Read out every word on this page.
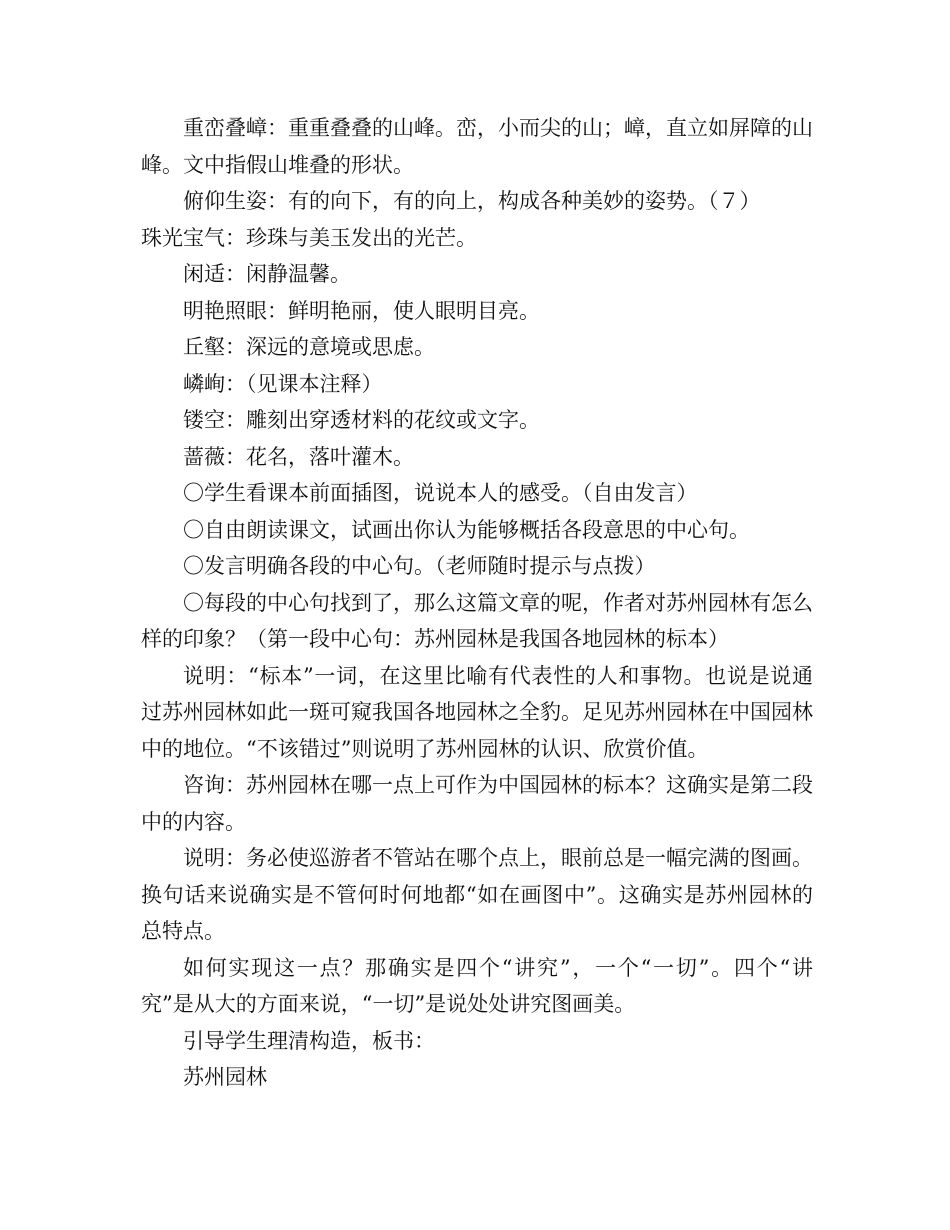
重峦叠嶂：重重叠叠的山峰。峦，小而尖的山；嶂，直立如屏障的山峰。文中指假山堆叠的形状。

俯仰生姿：有的向下，有的向上，构成各种美妙的姿势。（７）

珠光宝气：珍珠与美玉发出的光芒。

闲适：闲静温馨。

明艳照眼：鲜明艳丽，使人眼明目亮。

丘壑：深远的意境或思虑。

嶙峋：（见课本注释）

镂空：雕刻出穿透材料的花纹或文字。

蔷薇：花名，落叶灌木。

〇学生看课本前面插图，说说本人的感受。（自由发言）

〇自由朗读课文，试画出你认为能够概括各段意思的中心句。

〇发言明确各段的中心句。（老师随时提示与点拨）

〇每段的中心句找到了，那么这篇文章的呢，作者对苏州园林有怎么样的印象？（第一段中心句：苏州园林是我国各地园林的标本）

说明：“标本”一词，在这里比喻有代表性的人和事物。也说是说通过苏州园林如此一斑可窥我国各地园林之全豹。足见苏州园林在中国园林中的地位。“不该错过”则说明了苏州园林的认识、欣赏价值。

咨询：苏州园林在哪一点上可作为中国园林的标本？这确实是第二段中的内容。

说明：务必使巡游者不管站在哪个点上，眼前总是一幅完满的图画。换句话来说确实是不管何时何地都“如在画图中”。这确实是苏州园林的总特点。

如何实现这一点？那确实是四个“讲究”，一个“一切”。四个“讲究”是从大的方面来说，“一切”是说处处讲究图画美。

引导学生理清构造，板书：

苏州园林
